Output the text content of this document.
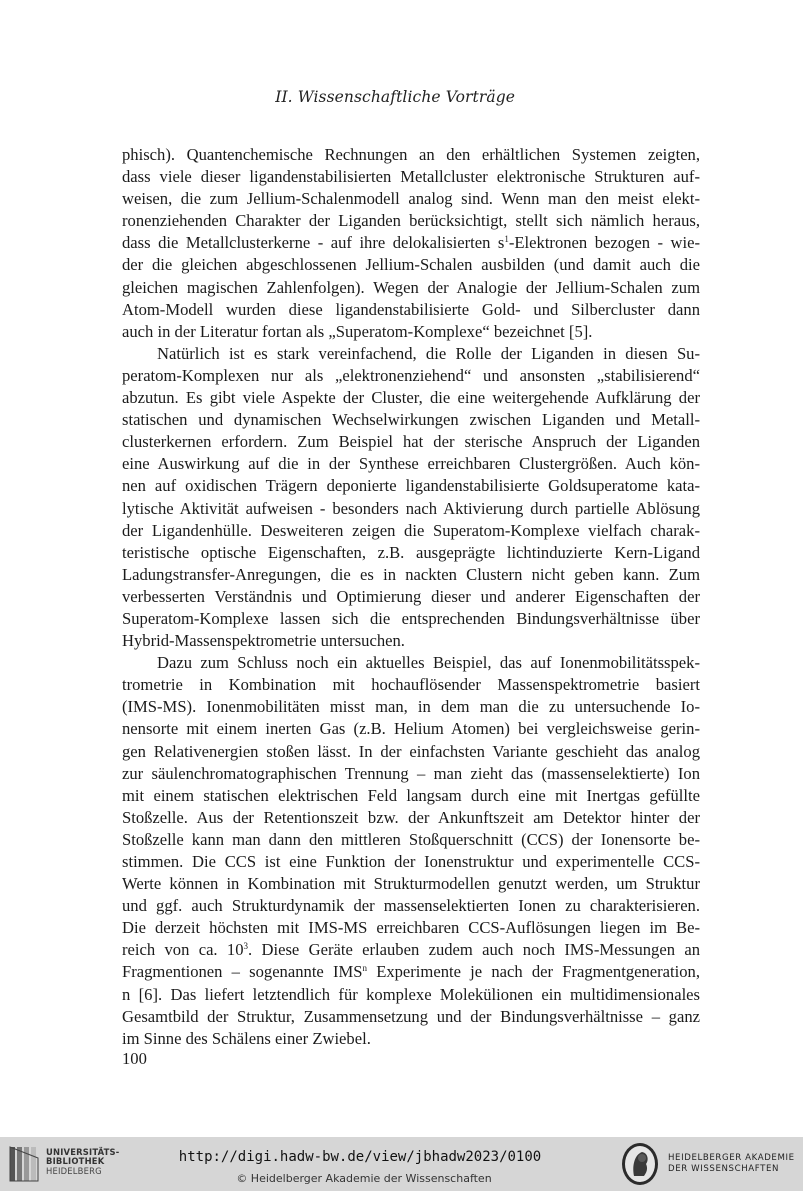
II. Wissenschaftliche Vorträge
phisch). Quantenchemische Rechnungen an den erhältlichen Systemen zeigten,
dass viele dieser ligandenstabilisierten Metallcluster elektronische Strukturen auf-
weisen, die zum Jellium-Schalenmodell analog sind. Wenn man den meist elekt-
ronenziehenden Charakter der Liganden berücksichtigt, stellt sich nämlich heraus,
dass die Metallclusterkerne - auf ihre delokalisierten $s^1$-Elektronen bezogen - wie-
der die gleichen abgeschlossenen Jellium-Schalen ausbilden (und damit auch die
gleichen magischen Zahlenfolgen). Wegen der Analogie der Jellium-Schalen zum
Atom-Modell wurden diese ligandenstabilisierte Gold- und Silbercluster dann
auch in der Literatur fortan als „Superatom-Komplexe“ bezeichnet [5].
Natürlich ist es stark vereinfachend, die Rolle der Liganden in diesen Su-
peratom-Komplexen nur als „elektronenziehend“ und ansonsten „stabilisierend“
abzutun. Es gibt viele Aspekte der Cluster, die eine weitergehende Aufklärung der
statischen und dynamischen Wechselwirkungen zwischen Liganden und Metall-
clusterkernen erfordern. Zum Beispiel hat der sterische Anspruch der Liganden
eine Auswirkung auf die in der Synthese erreichbaren Clustergrößen. Auch kön-
nen auf oxidischen Trägern deponierte ligandenstabilisierte Goldsuperatome kata-
lytische Aktivität aufweisen - besonders nach Aktivierung durch partielle Ablösung
der Ligandenhülle. Desweiteren zeigen die Superatom-Komplexe vielfach charak-
teristische optische Eigenschaften, z.B. ausgeprägte lichtinduzierte Kern-Ligand
Ladungstransfer-Anregungen, die es in nackten Clustern nicht geben kann. Zum
verbesserten Verständnis und Optimierung dieser und anderer Eigenschaften der
Superatom-Komplexe lassen sich die entsprechenden Bindungsverhältnisse über
Hybrid-Massenspektrometrie untersuchen.
Dazu zum Schluss noch ein aktuelles Beispiel, das auf Ionenmobilitätsspek-
trometrie in Kombination mit hochauflösender Massenspektrometrie basiert
(IMS-MS). Ionenmobilitäten misst man, in dem man die zu untersuchende Io-
nensorte mit einem inerten Gas (z.B. Helium Atomen) bei vergleichsweise gerin-
gen Relativenergien stoßen lässt. In der einfachsten Variante geschieht das analog
zur säulenchromatographischen Trennung – man zieht das (massenselektierte) Ion
mit einem statischen elektrischen Feld langsam durch eine mit Inertgas gefüllte
Stoßzelle. Aus der Retentionszeit bzw. der Ankunftszeit am Detektor hinter der
Stoßzelle kann man dann den mittleren Stoßquerschnitt (CCS) der Ionensorte be-
stimmen. Die CCS ist eine Funktion der Ionenstruktur und experimentelle CCS-
Werte können in Kombination mit Strukturmodellen genutzt werden, um Struktur
und ggf. auch Strukturdynamik der massenselektierten Ionen zu charakterisieren.
Die derzeit höchsten mit IMS-MS erreichbaren CCS-Auflösungen liegen im Be-
reich von ca. $10^3$. Diese Geräte erlauben zudem auch noch IMS-Messungen an
Fragmentionen – sogenannte IMS$^n$ Experimente je nach der Fragmentgeneration,
n [6]. Das liefert letztendlich für komplexe Molekülionen ein multidimensionales
Gesamtbild der Struktur, Zusammensetzung und der Bindungsverhältnisse – ganz
im Sinne des Schälens einer Zwiebel.
100
UNIVERSITÄTS-
BIBLIOTHEK
HEIDELBERG
http://digi.hadw-bw.de/view/jbhadw2023/0100
© Heidelberger Akademie der Wissenschaften
HEIDELBERGER AKADEMIE
DER WISSENSCHAFTEN
